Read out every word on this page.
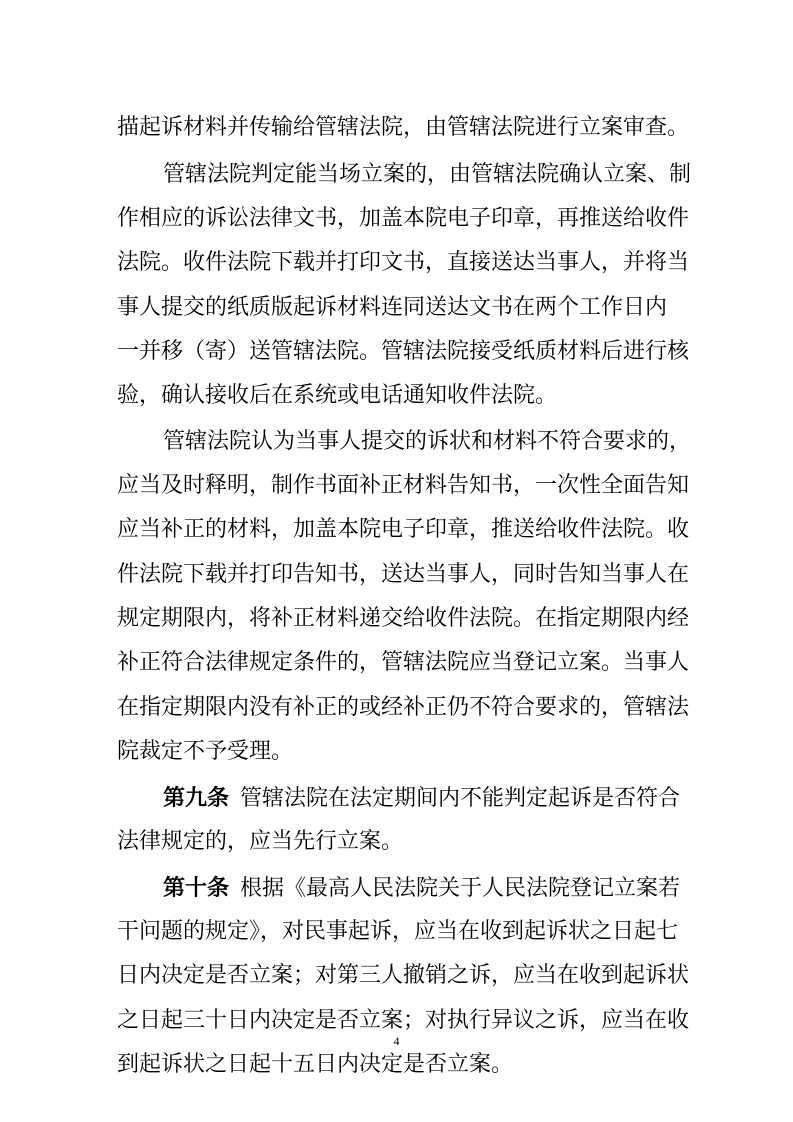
描起诉材料并传输给管辖法院，由管辖法院进行立案审查。
管辖法院判定能当场立案的，由管辖法院确认立案、制
作相应的诉讼法律文书，加盖本院电子印章，再推送给收件
法院。收件法院下载并打印文书，直接送达当事人，并将当
事人提交的纸质版起诉材料连同送达文书在两个工作日内
一并移（寄）送管辖法院。管辖法院接受纸质材料后进行核
验，确认接收后在系统或电话通知收件法院。
管辖法院认为当事人提交的诉状和材料不符合要求的，
应当及时释明，制作书面补正材料告知书，一次性全面告知
应当补正的材料，加盖本院电子印章，推送给收件法院。收
件法院下载并打印告知书，送达当事人，同时告知当事人在
规定期限内，将补正材料递交给收件法院。在指定期限内经
补正符合法律规定条件的，管辖法院应当登记立案。当事人
在指定期限内没有补正的或经补正仍不符合要求的，管辖法
院裁定不予受理。
第九条  管辖法院在法定期间内不能判定起诉是否符合
法律规定的，应当先行立案。
第十条  根据《最高人民法院关于人民法院登记立案若
干问题的规定》，对民事起诉，应当在收到起诉状之日起七
日内决定是否立案；对第三人撤销之诉，应当在收到起诉状
之日起三十日内决定是否立案；对执行异议之诉，应当在收
到起诉状之日起十五日内决定是否立案。
4
